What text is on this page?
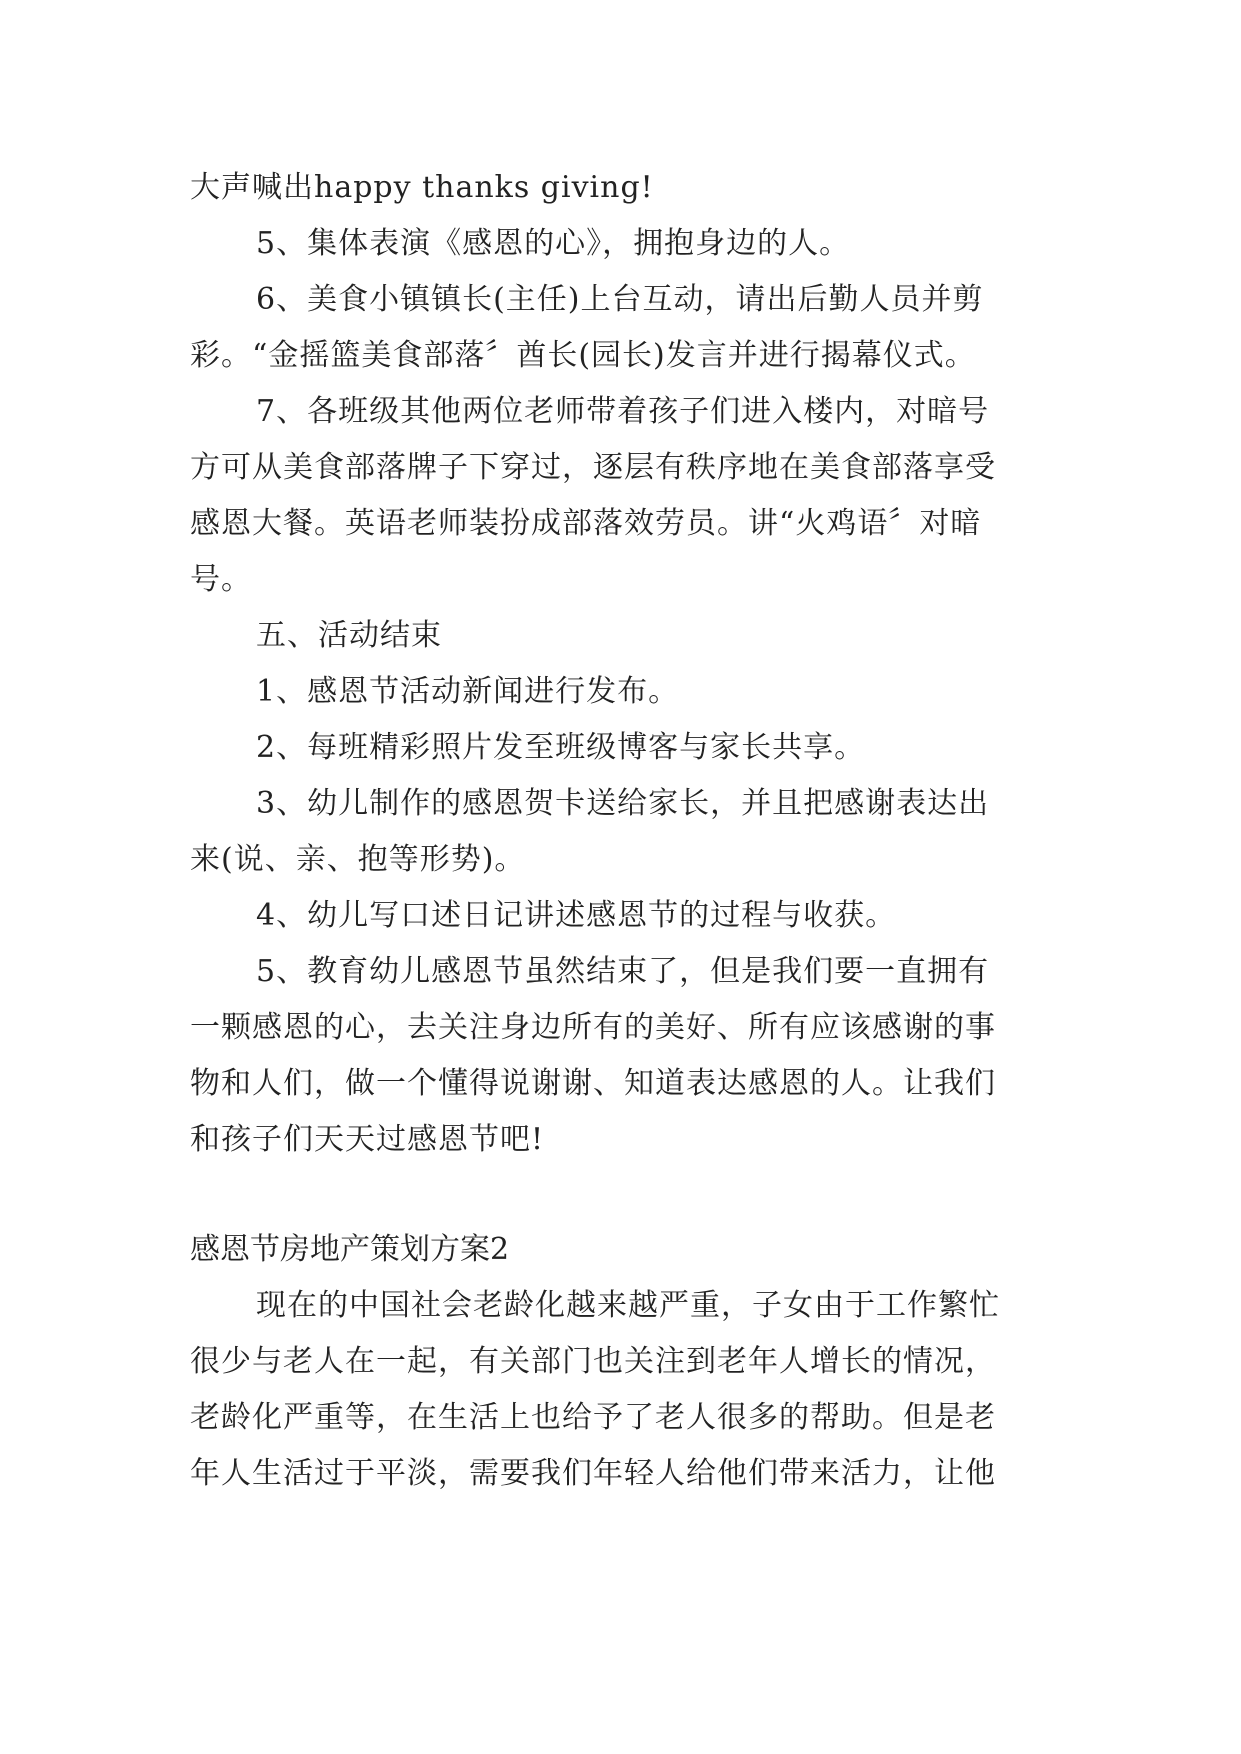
大声喊出happy thanks giving!
5、集体表演《感恩的心》，拥抱身边的人。
6、美食小镇镇长(主任)上台互动，请出后勤人员并剪
彩。“金摇篮美食部落〞酋长(园长)发言并进行揭幕仪式。
7、各班级其他两位老师带着孩子们进入楼内，对暗号
方可从美食部落牌子下穿过，逐层有秩序地在美食部落享受
感恩大餐。英语老师装扮成部落效劳员。讲“火鸡语〞对暗
号。
五、活动结束
1、感恩节活动新闻进行发布。
2、每班精彩照片发至班级博客与家长共享。
3、幼儿制作的感恩贺卡送给家长，并且把感谢表达出
来(说、亲、抱等形势)。
4、幼儿写口述日记讲述感恩节的过程与收获。
5、教育幼儿感恩节虽然结束了，但是我们要一直拥有
一颗感恩的心，去关注身边所有的美好、所有应该感谢的事
物和人们，做一个懂得说谢谢、知道表达感恩的人。让我们
和孩子们天天过感恩节吧!
感恩节房地产策划方案2
现在的中国社会老龄化越来越严重，子女由于工作繁忙
很少与老人在一起，有关部门也关注到老年人增长的情况，
老龄化严重等，在生活上也给予了老人很多的帮助。但是老
年人生活过于平淡，需要我们年轻人给他们带来活力，让他
